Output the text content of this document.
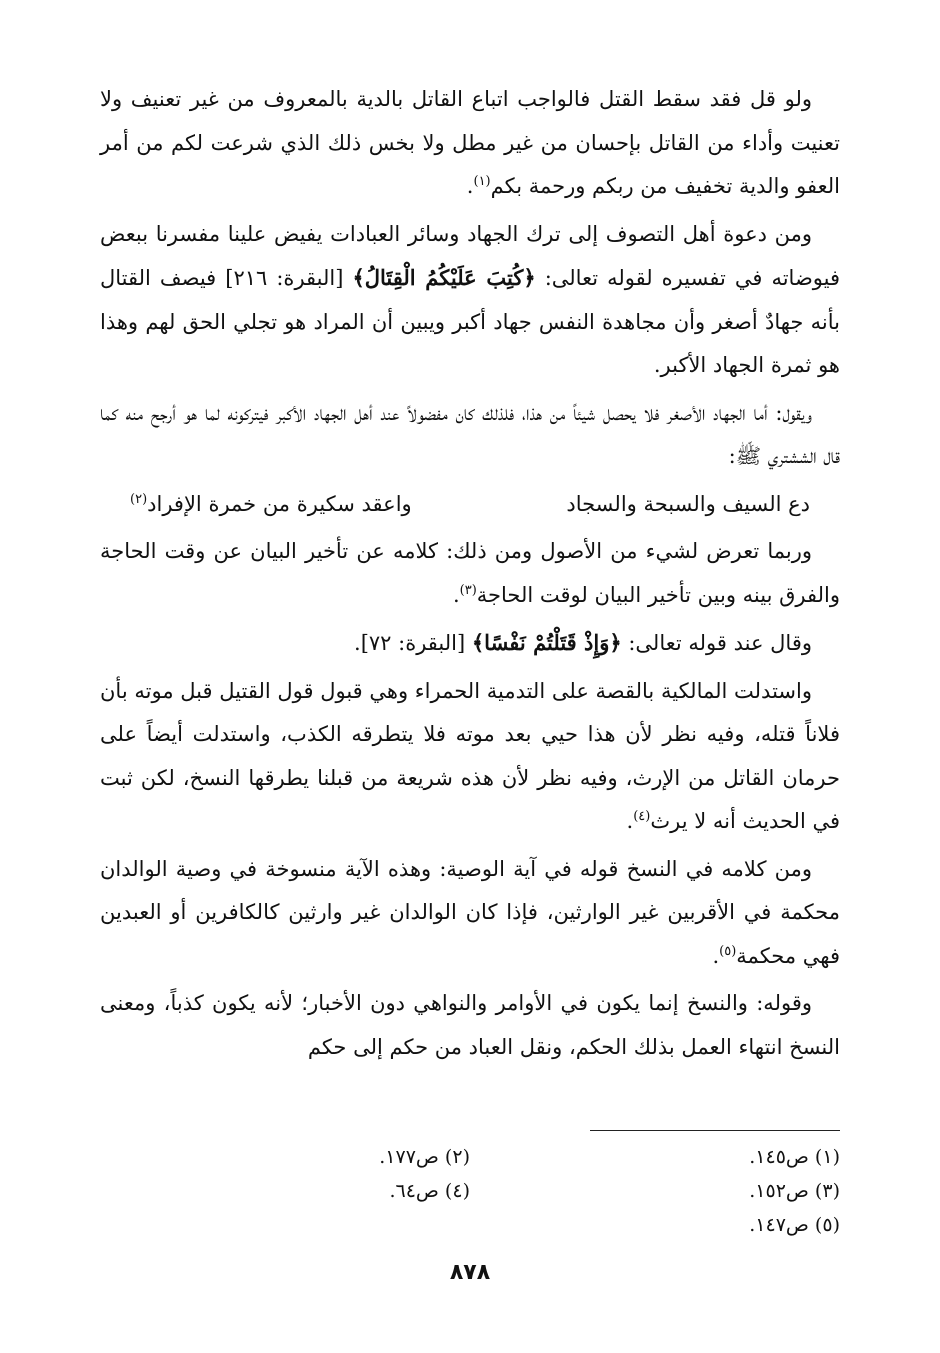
ولو قل فقد سقط القتل فالواجب اتباع القاتل بالدية بالمعروف من غير تعنيف ولا تعنيت وأداء من القاتل بإحسان من غير مطل ولا بخس ذلك الذي شرعت لكم من أمر العفو والدية تخفيف من ربكم ورحمة بكم$^{(١)}$.

ومن دعوة أهل التصوف إلى ترك الجهاد وسائر العبادات يفيض علينا مفسرنا ببعض فيوضاته في تفسيره لقوله تعالى: ﴿كُتِبَ عَلَيْكُمُ الْقِتَالُ﴾ [البقرة: ٢١٦] فيصف القتال بأنه جهادٌ أصغر وأن مجاهدة النفس جهاد أكبر ويبين أن المراد هو تجلي الحق لهم وهذا هو ثمرة الجهاد الأكبر.

ويقول: أما الجهاد الأصغر فلا يحصل شيئاً من هذا، فلذلك كان مفضولاً عند أهل الجهاد الأكبر فيتركونه لما هو أرجح منه كما قال الششتري ﷺ:

دع السيف والسبحة والسجاد
واعقد سكيرة من خمرة الإفراد$^{(٢)}$

وربما تعرض لشيء من الأصول ومن ذلك: كلامه عن تأخير البيان عن وقت الحاجة والفرق بينه وبين تأخير البيان لوقت الحاجة$^{(٣)}$.

وقال عند قوله تعالى: ﴿وَإِذْ قَتَلْتُمْ نَفْسًا﴾ [البقرة: ٧٢].

واستدلت المالكية بالقصة على التدمية الحمراء وهي قبول قول القتيل قبل موته بأن فلاناً قتله، وفيه نظر لأن هذا حيي بعد موته فلا يتطرقه الكذب، واستدلت أيضاً على حرمان القاتل من الإرث، وفيه نظر لأن هذه شريعة من قبلنا يطرقها النسخ، لكن ثبت في الحديث أنه لا يرث$^{(٤)}$.

ومن كلامه في النسخ قوله في آية الوصية: وهذه الآية منسوخة في وصية الوالدان محكمة في الأقربين غير الوارثين، فإذا كان الوالدان غير وارثين كالكافرين أو العبدين فهي محكمة$^{(٥)}$.

وقوله: والنسخ إنما يكون في الأوامر والنواهي دون الأخبار؛ لأنه يكون كذباً، ومعنى النسخ انتهاء العمل بذلك الحكم، ونقل العباد من حكم إلى حكم

(١) ص١٤٥.
(٢) ص١٧٧.
(٣) ص١٥٢.
(٤) ص٦٤.
(٥) ص١٤٧.
٨٧٨
